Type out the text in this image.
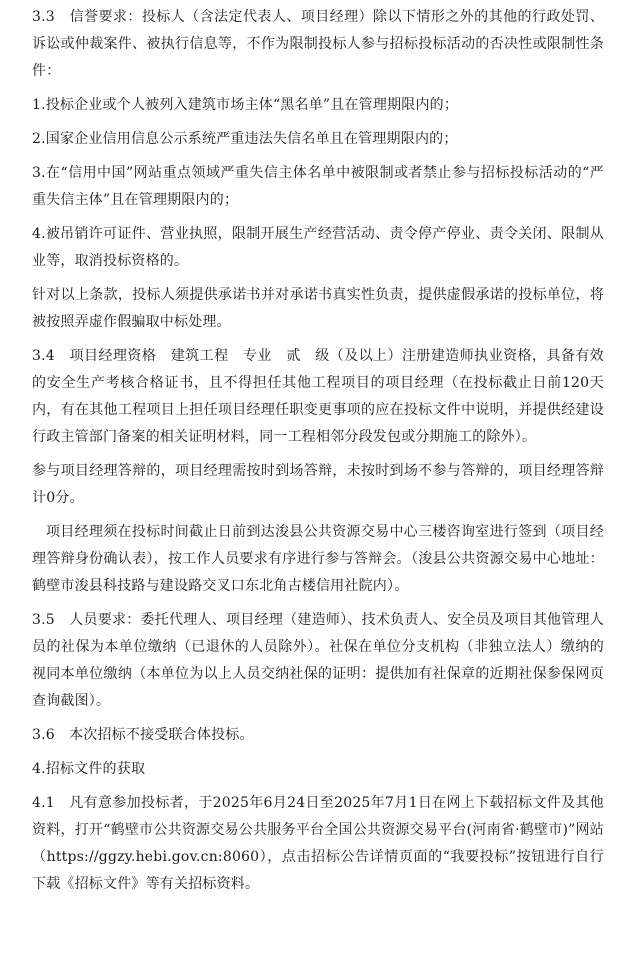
3.3　信誉要求：投标人（含法定代表人、项目经理）除以下情形之外的其他的行政处罚、诉讼或仲裁案件、被执行信息等，不作为限制投标人参与招标投标活动的否决性或限制性条件：

1.投标企业或个人被列入建筑市场主体“黑名单”且在管理期限内的；

2.国家企业信用信息公示系统严重违法失信名单且在管理期限内的；

3.在“信用中国”网站重点领域严重失信主体名单中被限制或者禁止参与招标投标活动的“严重失信主体”且在管理期限内的；

4.被吊销许可证件、营业执照，限制开展生产经营活动、责令停产停业、责令关闭、限制从业等，取消投标资格的。

针对以上条款，投标人须提供承诺书并对承诺书真实性负责，提供虚假承诺的投标单位，将被按照弄虚作假骗取中标处理。

3.4　项目经理资格　建筑工程　专业　贰　级（及以上）注册建造师执业资格，具备有效的安全生产考核合格证书，且不得担任其他工程项目的项目经理（在投标截止日前120天内，有在其他工程项目上担任项目经理任职变更事项的应在投标文件中说明，并提供经建设行政主管部门备案的相关证明材料，同一工程相邻分段发包或分期施工的除外）。

参与项目经理答辩的，项目经理需按时到场答辩，未按时到场不参与答辩的，项目经理答辩计0分。

项目经理须在投标时间截止日前到达浚县公共资源交易中心三楼咨询室进行签到（项目经理答辩身份确认表），按工作人员要求有序进行参与答辩会。（浚县公共资源交易中心地址：鹤壁市浚县科技路与建设路交叉口东北角古楼信用社院内）。

3.5　人员要求：委托代理人、项目经理（建造师）、技术负责人、安全员及项目其他管理人员的社保为本单位缴纳（已退休的人员除外）。社保在单位分支机构（非独立法人）缴纳的视同本单位缴纳（本单位为以上人员交纳社保的证明：提供加有社保章的近期社保参保网页查询截图）。

3.6　本次招标不接受联合体投标。

4.招标文件的获取

4.1　凡有意参加投标者，于2025年6月24日至2025年7月1日在网上下载招标文件及其他资料，打开“鹤壁市公共资源交易公共服务平台全国公共资源交易平台(河南省·鹤壁市)”网站（https://ggzy.hebi.gov.cn:8060），点击招标公告详情页面的“我要投标”按钮进行自行下载《招标文件》等有关招标资料。
